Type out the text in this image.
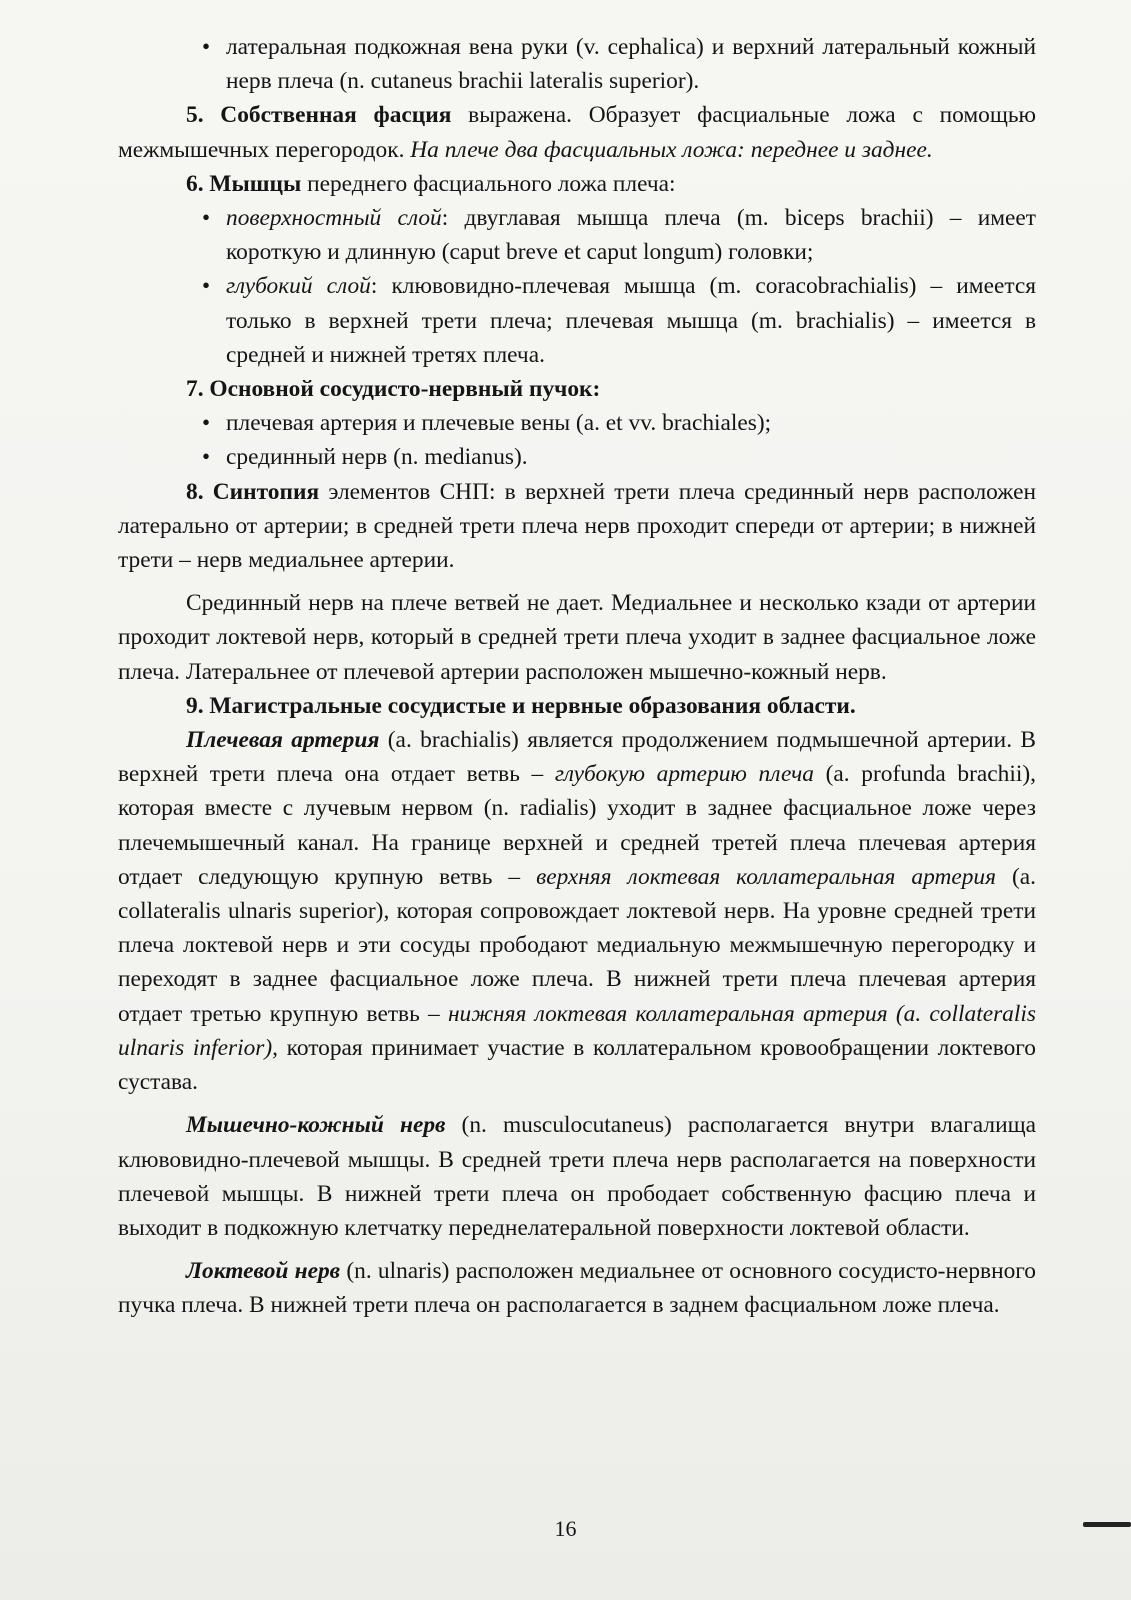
• латеральная подкожная вена руки (v. cephalica) и верхний латеральный кожный нерв плеча (n. cutaneus brachii lateralis superior).

5. Собственная фасция выражена. Образует фасциальные ложа с помощью межмышечных перегородок. На плече два фасциальных ложа: переднее и заднее.

6. Мышцы переднего фасциального ложа плеча:

• поверхностный слой: двуглавая мышца плеча (m. biceps brachii) – имеет короткую и длинную (caput breve et caput longum) головки;

• глубокий слой: клювовидно-плечевая мышца (m. coracobrachialis) – имеется только в верхней трети плеча; плечевая мышца (m. brachialis) – имеется в средней и нижней третях плеча.

7. Основной сосудисто-нервный пучок:

• плечевая артерия и плечевые вены (a. et vv. brachiales);

• срединный нерв (n. medianus).

8. Синтопия элементов СНП: в верхней трети плеча срединный нерв расположен латерально от артерии; в средней трети плеча нерв проходит спереди от артерии; в нижней трети – нерв медиальнее артерии.

Срединный нерв на плече ветвей не дает. Медиальнее и несколько кзади от артерии проходит локтевой нерв, который в средней трети плеча уходит в заднее фасциальное ложе плеча. Латеральнее от плечевой артерии расположен мышечно-кожный нерв.

9. Магистральные сосудистые и нервные образования области.

Плечевая артерия (a. brachialis) является продолжением подмышечной артерии. В верхней трети плеча она отдает ветвь – глубокую артерию плеча (a. profunda brachii), которая вместе с лучевым нервом (n. radialis) уходит в заднее фасциальное ложе через плечемышечный канал. На границе верхней и средней третей плеча плечевая артерия отдает следующую крупную ветвь – верхняя локтевая коллатеральная артерия (a. collateralis ulnaris superior), которая сопровождает локтевой нерв. На уровне средней трети плеча локтевой нерв и эти сосуды прободают медиальную межмышечную перегородку и переходят в заднее фасциальное ложе плеча. В нижней трети плеча плечевая артерия отдает третью крупную ветвь – нижняя локтевая коллатеральная артерия (a. collateralis ulnaris inferior), которая принимает участие в коллатеральном кровообращении локтевого сустава.

Мышечно-кожный нерв (n. musculocutaneus) располагается внутри влагалища клювовидно-плечевой мышцы. В средней трети плеча нерв располагается на поверхности плечевой мышцы. В нижней трети плеча он прободает собственную фасцию плеча и выходит в подкожную клетчатку переднелатеральной поверхности локтевой области.

Локтевой нерв (n. ulnaris) расположен медиальнее от основного сосудисто-нервного пучка плеча. В нижней трети плеча он располагается в заднем фасциальном ложе плеча.

16
